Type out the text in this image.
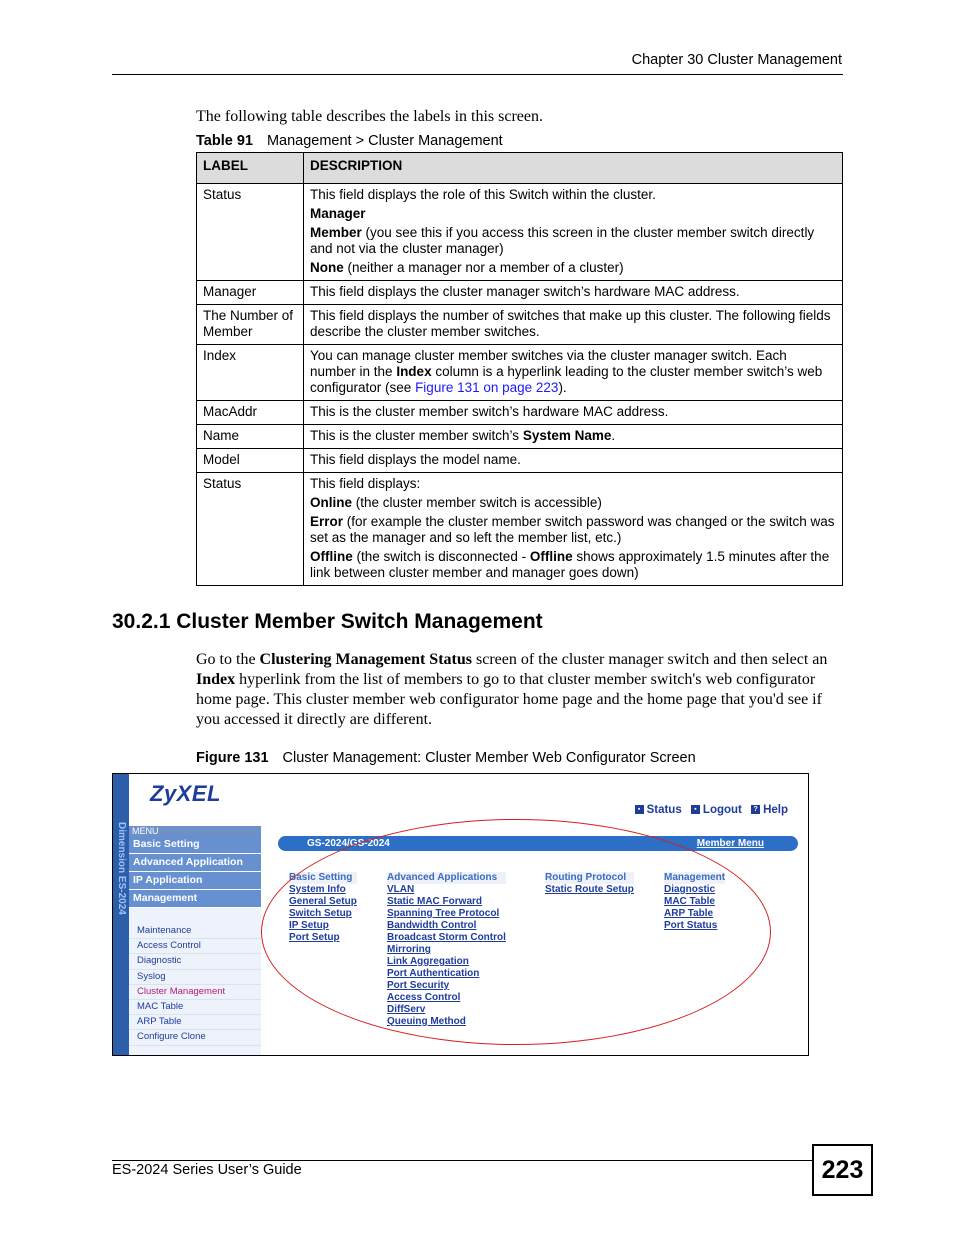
Chapter 30 Cluster Management
The following table describes the labels in this screen.
Table 91 Management > Cluster Management
LABEL	DESCRIPTION
Status	This field displays the role of this Switch within the cluster.

Manager

Member (you see this if you access this screen in the cluster member switch directly and not via the cluster manager)

None (neither a manager nor a member of a cluster)

Manager	This field displays the cluster manager switch’s hardware MAC address.
The Number of Member	This field displays the number of switches that make up this cluster. The following fields describe the cluster member switches.
Index	You can manage cluster member switches via the cluster manager switch. Each number in the Index column is a hyperlink leading to the cluster member switch’s web configurator (see Figure 131 on page 223).
MacAddr	This is the cluster member switch’s hardware MAC address.
Name	This is the cluster member switch’s System Name.
Model	This field displays the model name.
Status	This field displays:

Online (the cluster member switch is accessible)

Error (for example the cluster member switch password was changed or the switch was set as the manager and so left the member list, etc.)

Offline (the switch is disconnected - Offline shows approximately 1.5 minutes after the link between cluster member and manager goes down)

30.2.1 Cluster Member Switch Management
Go to the Clustering Management Status screen of the cluster manager switch and then select an Index hyperlink from the list of members to go to that cluster member switch's web configurator home page. This cluster member web configurator home page and the home page that you'd see if you accessed it directly are different.
Figure 131 Cluster Management: Cluster Member Web Configurator Screen
ZyXEL
▪ Status ▪ Logout ? Help
Dimension ES-2024 MENU
Basic Setting
Advanced Application
IP Application
Management
Maintenance
Access Control
Diagnostic
Syslog
Cluster Management
MAC Table
ARP Table
Configure Clone
GS-2024/GS-2024	Member Menu
Basic Setting
System Info
General Setup
Switch Setup
IP Setup
Port Setup
Advanced Applications
VLAN
Static MAC Forward
Spanning Tree Protocol
Bandwidth Control
Broadcast Storm Control
Mirroring
Link Aggregation
Port Authentication
Port Security
Access Control
DiffServ
Queuing Method
Routing Protocol
Static Route Setup
Management
Diagnostic
MAC Table
ARP Table
Port Status
ES-2024 Series User’s Guide	223
